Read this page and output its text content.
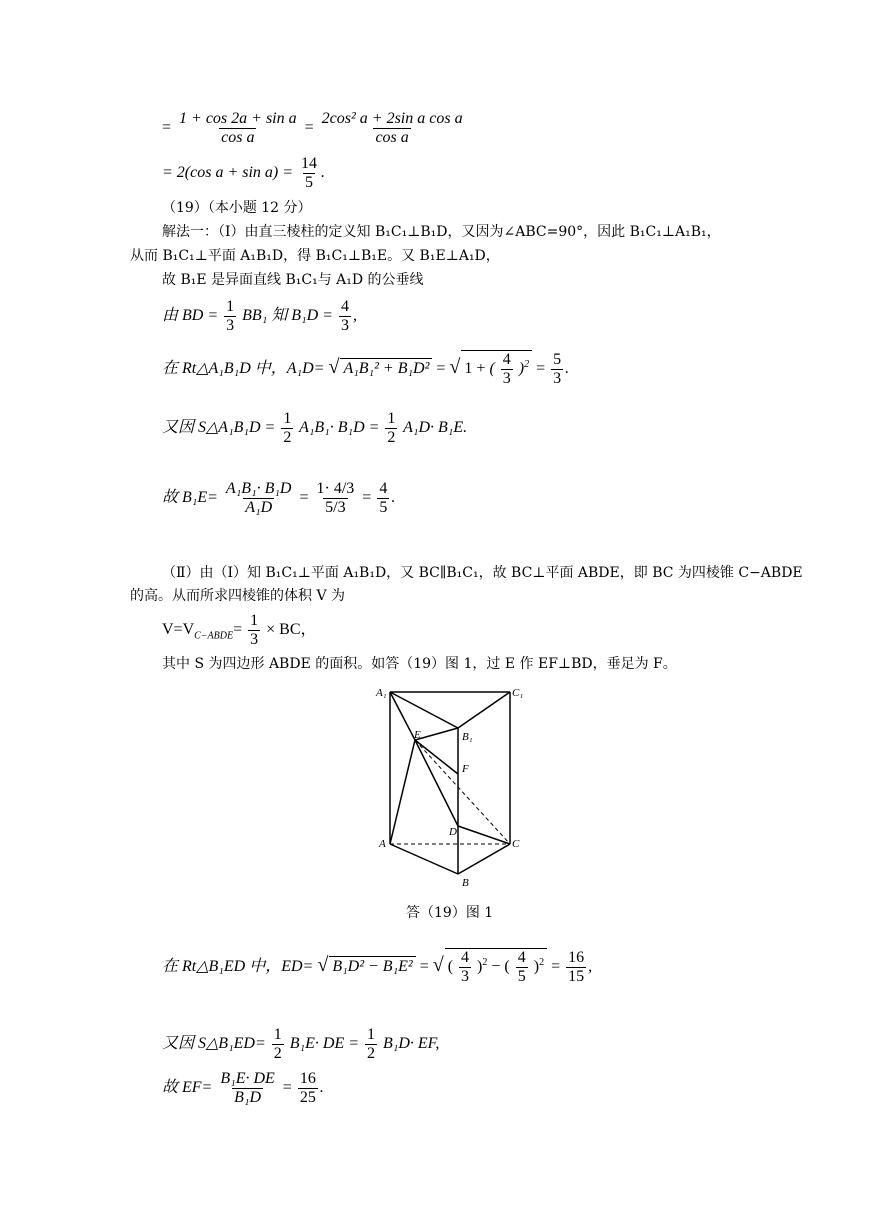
= $\frac{\text{1 + cos 2a + sin a}}{\text{cos a}} = \frac{\text{2cos² a + 2sin a cos a}}{\text{cos a}}$
= 2(cos $a + \sin a) = \frac{14}{5}$ .
（19）（本小题 12 分）
解法一：（Ⅰ）由直三棱柱的定义知 B₁C₁⊥B₁D，又因为∠ABC=90°，因此 B₁C₁⊥A₁B₁，
从而 B₁C₁⊥平面 A₁B₁D，得 B₁C₁⊥B₁E。又 B₁E⊥A₁D，
故 B₁E 是异面直线 B₁C₁与 A₁D 的公垂线
由 BD = $\frac{1}{3} BB_1$ 知 $B_1D = \frac{4}{3}$ ,
在 Rt△A₁B₁D 中，A₁D= √ A₁B₁² + B₁D² = √ 1 + ( $\frac{4}{3} )^2 = \frac{5}{3}$ .
又因 S△A₁B₁D = $\frac{1}{2} A_1B_1\cdot B_1D = \frac{1}{2} A_1D\cdot B_1E$.
故 $B_1E= \frac{\text{A₁B₁· B₁D}}{\text{A₁D}} = \frac{1\cdot 4/3}{5/3} = \frac{4}{5}$ .
（Ⅱ）由（Ⅰ）知 B₁C₁⊥平面 A₁B₁D，又 BC∥B₁C₁，故 BC⊥平面 ABDE，即 BC 为四棱锥 C−ABDE
的高。从而所求四棱锥的体积 V 为
$V=V_{C-ABDE}= \frac{1}{3}$ × BC，
其中 S 为四边形 ABDE 的面积。如答（19）图 1，过 E 作 EF⊥BD，垂足为 F。
A₁	C₁
B₁
E
F
D
A	C
B
答（19）图 1
在 Rt△B₁ED 中，ED= √ B₁D² − B₁E² = √ ( $\frac{4}{3} )^2$ − ( $\frac{4}{5} )^2 = \frac{16}{15}$ ,
又因 S△B₁ED= $\frac{1}{2} B_1E\cdot$ DE = $\frac{1}{2} B_1D\cdot$ EF,
故 $EF= \frac{\text{B₁E· DE}}{\text{B₁D}} = \frac{16}{25}$ .
